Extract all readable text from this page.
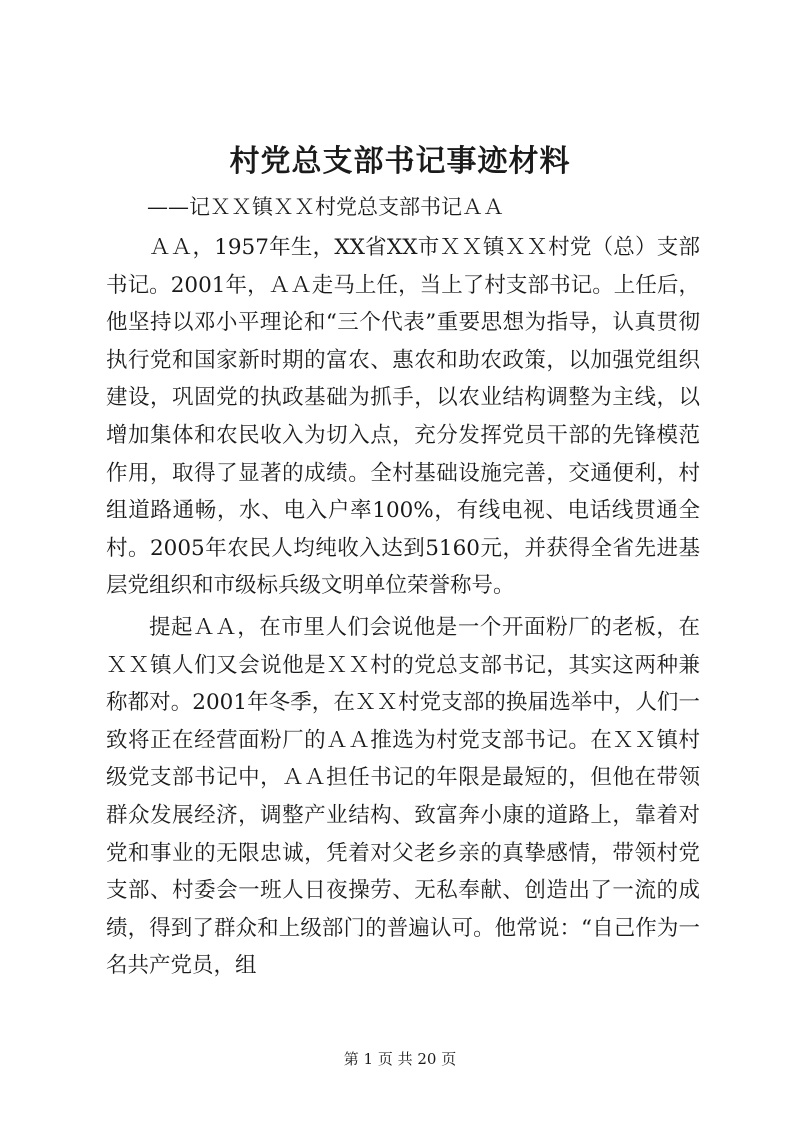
村党总支部书记事迹材料

——记ＸＸ镇ＸＸ村党总支部书记ＡＡ

ＡＡ，1957年生，XX省XX市ＸＸ镇ＸＸ村党（总）支部书记。2001年，ＡＡ走马上任，当上了村支部书记。上任后，他坚持以邓小平理论和“三个代表”重要思想为指导，认真贯彻执行党和国家新时期的富农、惠农和助农政策，以加强党组织建设，巩固党的执政基础为抓手，以农业结构调整为主线，以增加集体和农民收入为切入点，充分发挥党员干部的先锋模范作用，取得了显著的成绩。全村基础设施完善，交通便利，村组道路通畅，水、电入户率100%，有线电视、电话线贯通全村。2005年农民人均纯收入达到5160元，并获得全省先进基层党组织和市级标兵级文明单位荣誉称号。

提起ＡＡ，在市里人们会说他是一个开面粉厂的老板，在ＸＸ镇人们又会说他是ＸＸ村的党总支部书记，其实这两种兼称都对。2001年冬季，在ＸＸ村党支部的换届选举中，人们一致将正在经营面粉厂的ＡＡ推选为村党支部书记。在ＸＸ镇村级党支部书记中，ＡＡ担任书记的年限是最短的，但他在带领群众发展经济，调整产业结构、致富奔小康的道路上，靠着对党和事业的无限忠诚，凭着对父老乡亲的真挚感情，带领村党支部、村委会一班人日夜操劳、无私奉献、创造出了一流的成绩，得到了群众和上级部门的普遍认可。他常说：“自己作为一名共产党员，组

第 1 页 共 20 页
